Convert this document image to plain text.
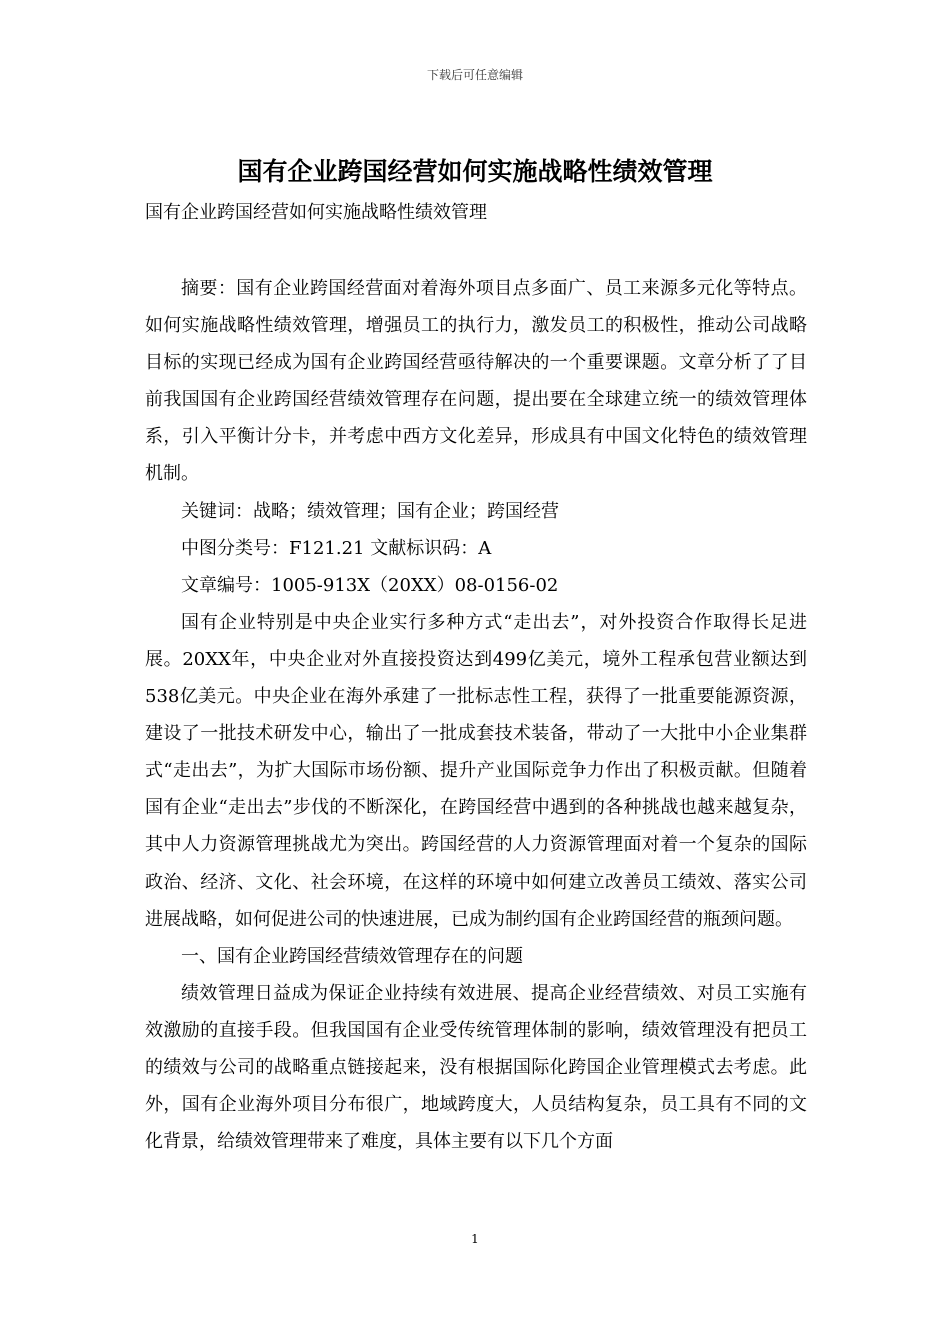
下载后可任意编辑
国有企业跨国经营如何实施战略性绩效管理
国有企业跨国经营如何实施战略性绩效管理

摘要：国有企业跨国经营面对着海外项目点多面广、员工来源多元化等特点。如何实施战略性绩效管理，增强员工的执行力，激发员工的积极性，推动公司战略目标的实现已经成为国有企业跨国经营亟待解决的一个重要课题。文章分析了了目前我国国有企业跨国经营绩效管理存在问题，提出要在全球建立统一的绩效管理体系，引入平衡计分卡，并考虑中西方文化差异，形成具有中国文化特色的绩效管理机制。

关键词：战略；绩效管理；国有企业；跨国经营

中图分类号：F121.21 文献标识码：A

文章编号：1005-913X（20XX）08-0156-02

国有企业特别是中央企业实行多种方式“走出去”，对外投资合作取得长足进展。20XX年，中央企业对外直接投资达到499亿美元，境外工程承包营业额达到538亿美元。中央企业在海外承建了一批标志性工程，获得了一批重要能源资源，建设了一批技术研发中心，输出了一批成套技术装备，带动了一大批中小企业集群式“走出去”，为扩大国际市场份额、提升产业国际竞争力作出了积极贡献。但随着国有企业“走出去”步伐的不断深化，在跨国经营中遇到的各种挑战也越来越复杂，其中人力资源管理挑战尤为突出。跨国经营的人力资源管理面对着一个复杂的国际政治、经济、文化、社会环境，在这样的环境中如何建立改善员工绩效、落实公司进展战略，如何促进公司的快速进展，已成为制约国有企业跨国经营的瓶颈问题。

一、国有企业跨国经营绩效管理存在的问题

绩效管理日益成为保证企业持续有效进展、提高企业经营绩效、对员工实施有效激励的直接手段。但我国国有企业受传统管理体制的影响，绩效管理没有把员工的绩效与公司的战略重点链接起来，没有根据国际化跨国企业管理模式去考虑。此外，国有企业海外项目分布很广，地域跨度大，人员结构复杂，员工具有不同的文化背景，给绩效管理带来了难度，具体主要有以下几个方面

1
